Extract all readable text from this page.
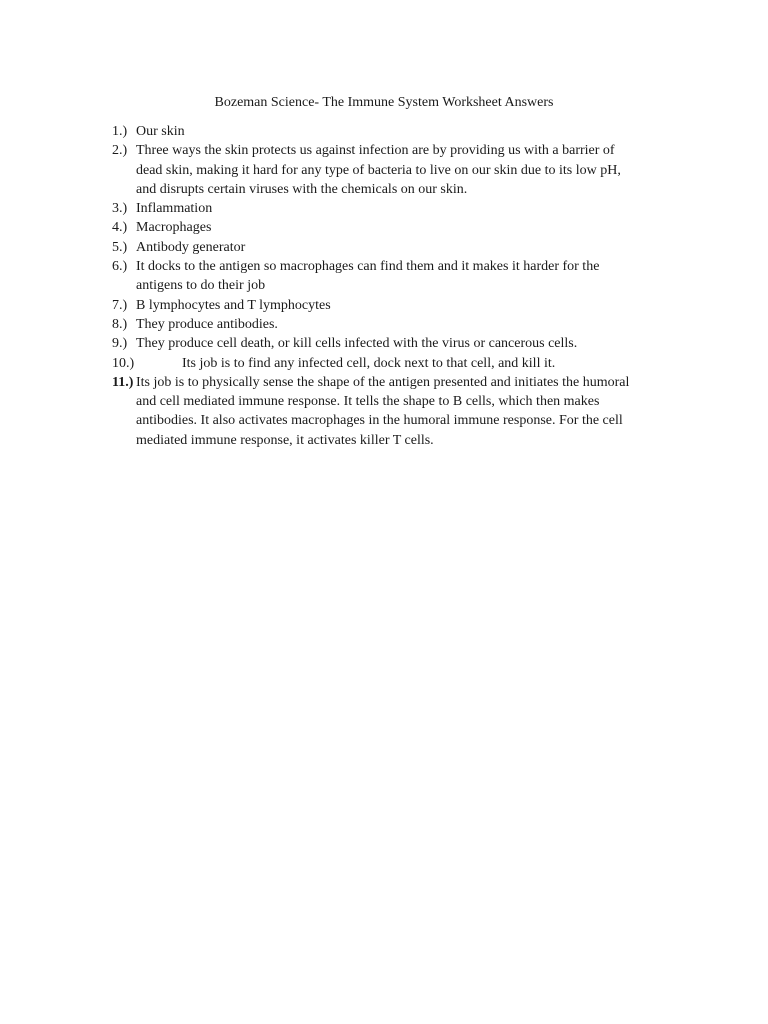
Bozeman Science- The Immune System Worksheet Answers
1.) Our skin
2.) Three ways the skin protects us against infection are by providing us with a barrier of
dead skin, making it hard for any type of bacteria to live on our skin due to its low pH,
and disrupts certain viruses with the chemicals on our skin.
3.) Inflammation
4.) Macrophages
5.) Antibody generator
6.) It docks to the antigen so macrophages can find them and it makes it harder for the
antigens to do their job
7.) B lymphocytes and T lymphocytes
8.) They produce antibodies.
9.) They produce cell death, or kill cells infected with the virus or cancerous cells.
10.)	Its job is to find any infected cell, dock next to that cell, and kill it.
11.) Its job is to physically sense the shape of the antigen presented and initiates the humoral
and cell mediated immune response. It tells the shape to B cells, which then makes
antibodies. It also activates macrophages in the humoral immune response. For the cell
mediated immune response, it activates killer T cells.
